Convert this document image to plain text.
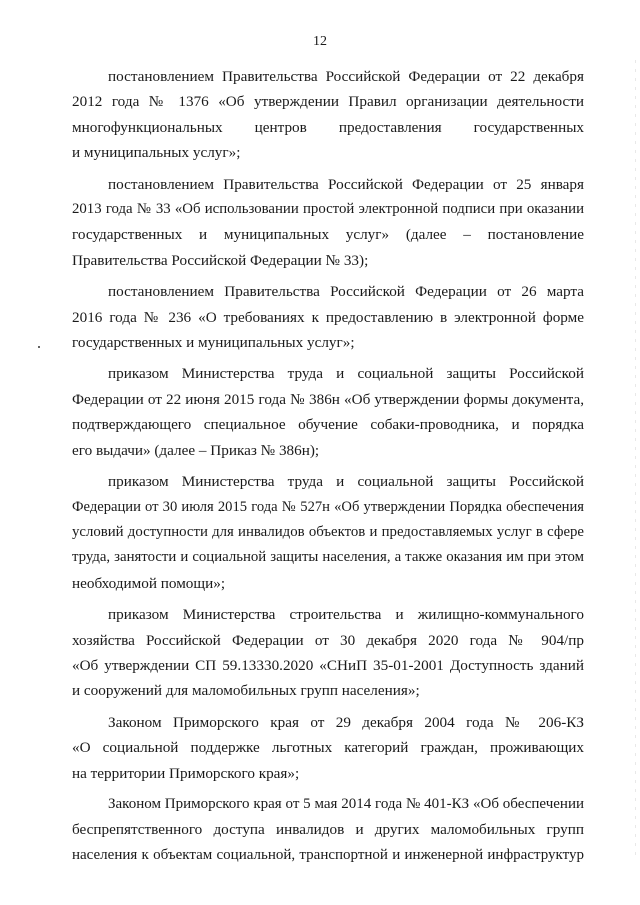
12

постановлением Правительства Российской Федерации от 22 декабря
2012 года № 1376 «Об утверждении Правил организации деятельности
многофункциональных центров предоставления государственных
и муниципальных услуг»;

постановлением Правительства Российской Федерации от 25 января
2013 года № 33 «Об использовании простой электронной подписи при оказании
государственных и муниципальных услуг» (далее – постановление
Правительства Российской Федерации № 33);

постановлением Правительства Российской Федерации от 26 марта
2016 года № 236 «О требованиях к предоставлению в электронной форме
государственных и муниципальных услуг»;

приказом Министерства труда и социальной защиты Российской
Федерации от 22 июня 2015 года № 386н «Об утверждении формы документа,
подтверждающего специальное обучение собаки-проводника, и порядка
его выдачи» (далее – Приказ № 386н);

приказом Министерства труда и социальной защиты Российской
Федерации от 30 июля 2015 года № 527н «Об утверждении Порядка обеспечения
условий доступности для инвалидов объектов и предоставляемых услуг в сфере
труда, занятости и социальной защиты населения, а также оказания им при этом
необходимой помощи»;

приказом Министерства строительства и жилищно-коммунального
хозяйства Российской Федерации от 30 декабря 2020 года № 904/пр
«Об утверждении СП 59.13330.2020 «СНиП 35-01-2001 Доступность зданий
и сооружений для маломобильных групп населения»;

Законом Приморского края от 29 декабря 2004 года № 206-КЗ
«О социальной поддержке льготных категорий граждан, проживающих
на территории Приморского края»;

Законом Приморского края от 5 мая 2014 года № 401-КЗ «Об обеспечении
беспрепятственного доступа инвалидов и других маломобильных групп
населения к объектам социальной, транспортной и инженерной инфраструктур
